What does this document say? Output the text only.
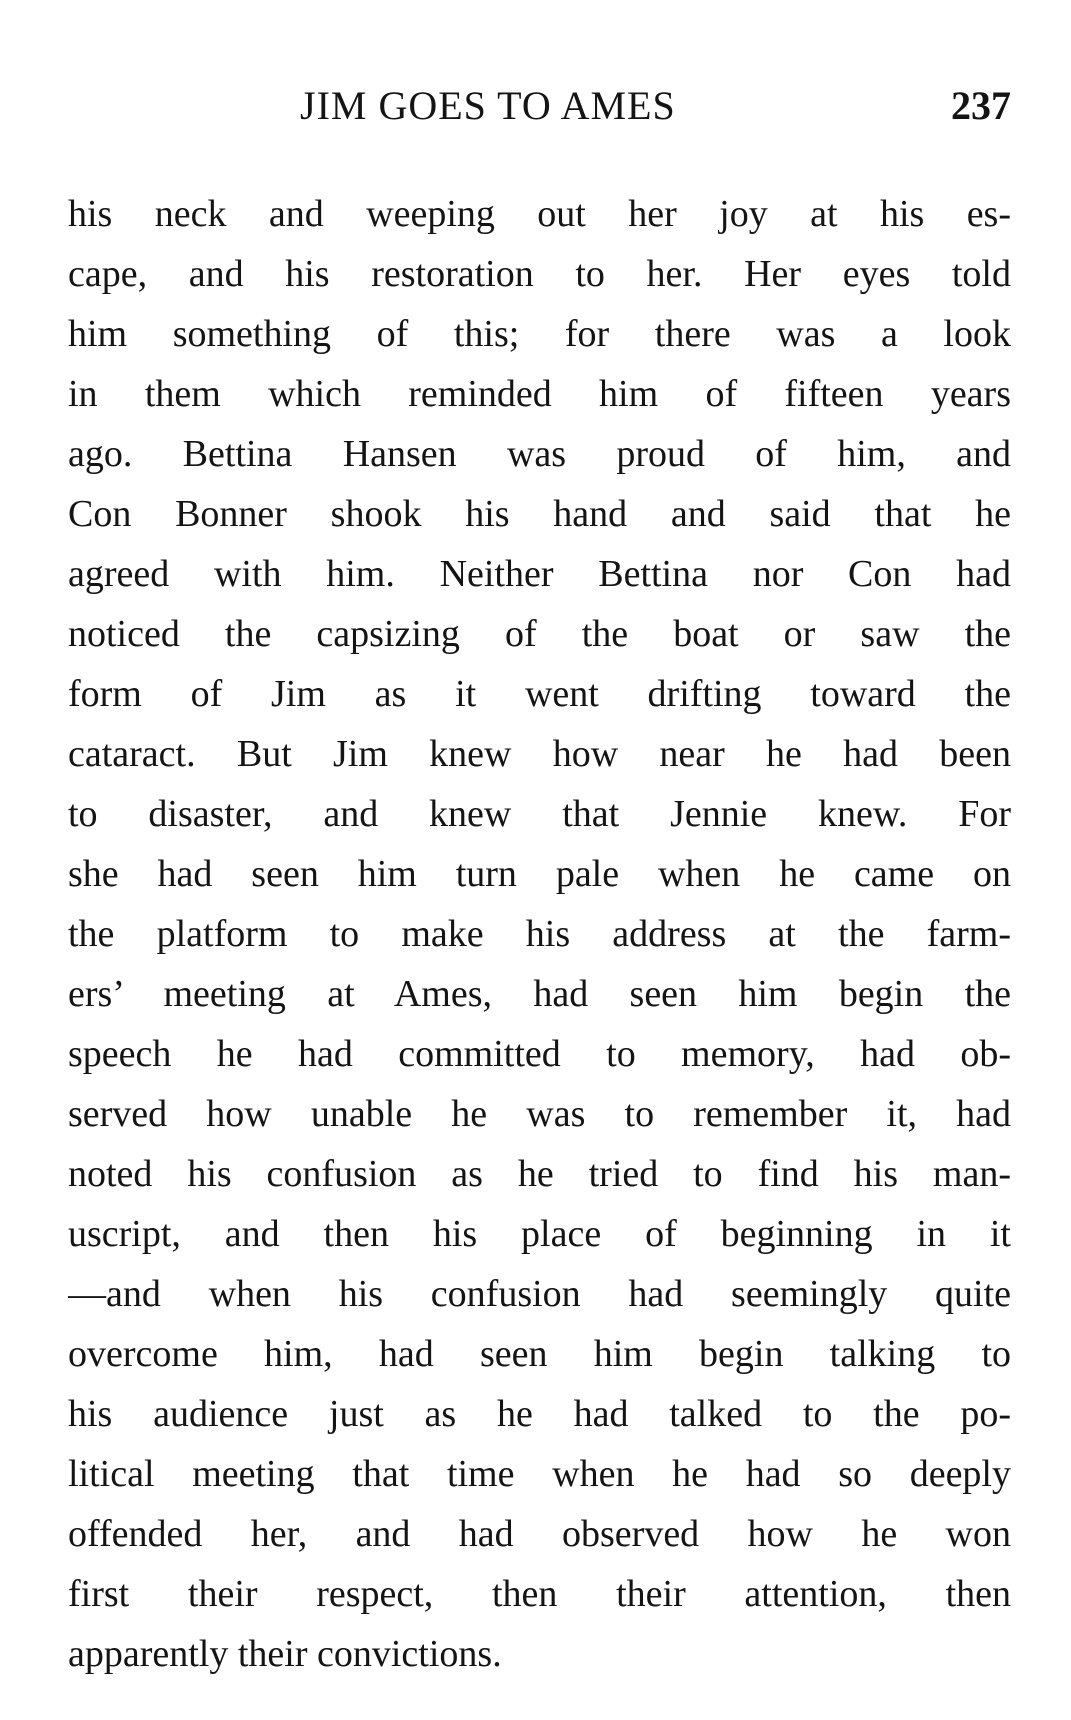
JIM GOES TO AMES	237
his neck and weeping out her joy at his es-
cape, and his restoration to her. Her eyes told
him something of this; for there was a look
in them which reminded him of fifteen years
ago. Bettina Hansen was proud of him, and
Con Bonner shook his hand and said that he
agreed with him. Neither Bettina nor Con had
noticed the capsizing of the boat or saw the
form of Jim as it went drifting toward the
cataract. But Jim knew how near he had been
to disaster, and knew that Jennie knew. For
she had seen him turn pale when he came on
the platform to make his address at the farm-
ers’ meeting at Ames, had seen him begin the
speech he had committed to memory, had ob-
served how unable he was to remember it, had
noted his confusion as he tried to find his man-
uscript, and then his place of beginning in it
—and when his confusion had seemingly quite
overcome him, had seen him begin talking to
his audience just as he had talked to the po-
litical meeting that time when he had so deeply
offended her, and had observed how he won
first their respect, then their attention, then
apparently their convictions.
